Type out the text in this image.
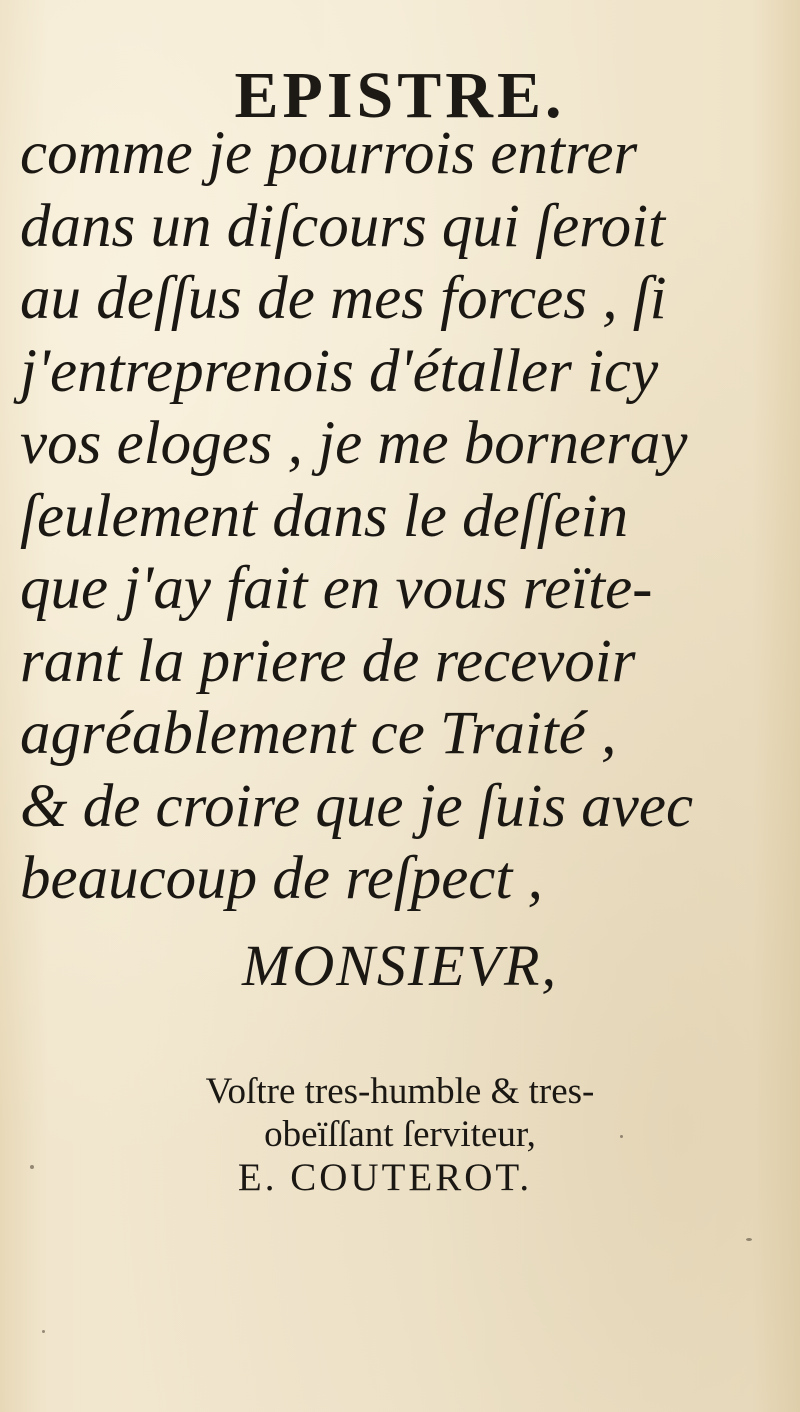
EPISTRE.
comme je pourrois entrer
dans un diſcours qui ſeroit
au deſſus de mes forces , ſi
j'entreprenois d'étaller icy
vos eloges , je me borneray
ſeulement dans le deſſein
que j'ay fait en vous reïte-
rant la priere de recevoir
agréablement ce Traité ,
& de croire que je ſuis avec
beaucoup de reſpect ,
MONSIEVR,
Voſtre tres-humble & tres-
obeïſſant ſerviteur,
E. COUTEROT.
